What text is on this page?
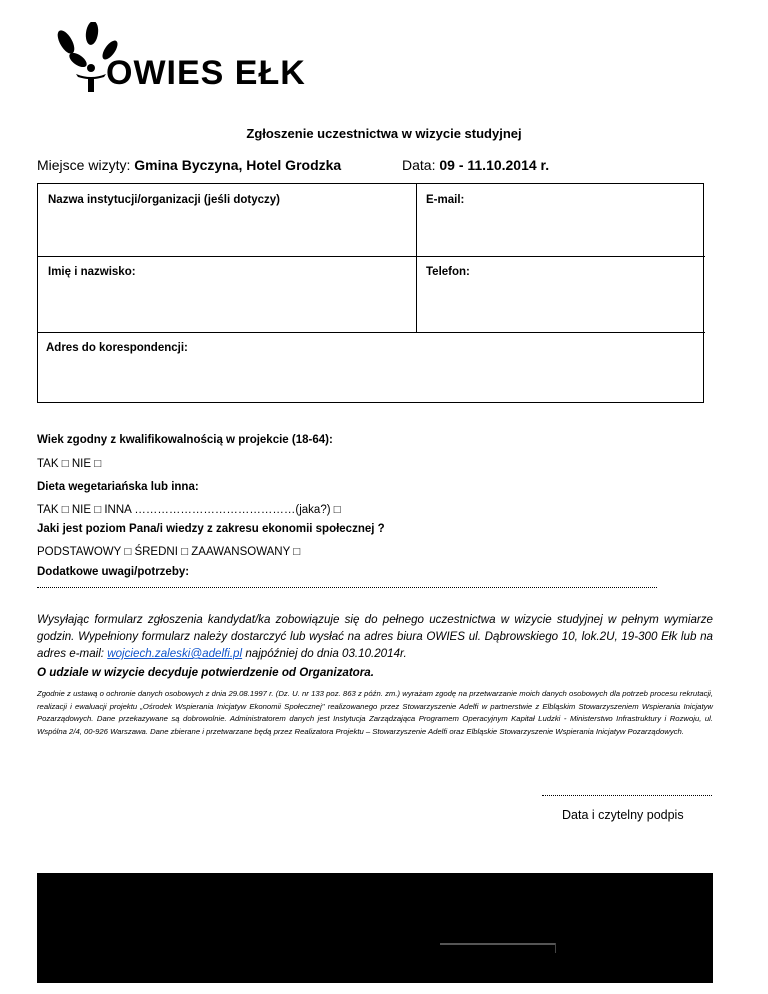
OWIES EŁK
Zgłoszenie uczestnictwa w wizycie studyjnej
Miejsce wizyty: Gmina Byczyna, Hotel Grodzka	Data: 09 - 11.10.2014 r.
Nazwa instytucji/organizacji (jeśli dotyczy)	E-mail:
Imię i nazwisko:	Telefon:
Adres do korespondencji:
Wiek zgodny z kwalifikowalnością w projekcie (18-64):
TAK □ NIE □
Dieta wegetariańska lub inna:
TAK □ NIE □ INNA ……………………………………(jaka?) □
Jaki jest poziom Pana/i wiedzy z zakresu ekonomii społecznej ?
PODSTAWOWY □ ŚREDNI □ ZAAWANSOWANY □
Dodatkowe uwagi/potrzeby:
Wysyłając formularz zgłoszenia kandydat/ka zobowiązuje się do pełnego uczestnictwa w wizycie studyjnej w pełnym wymiarze godzin. Wypełniony formularz należy dostarczyć lub wysłać na adres biura OWIES ul. Dąbrowskiego 10, lok.2U, 19-300 Ełk lub na adres e-mail: wojciech.zaleski@adelfi.pl najpóźniej do dnia 03.10.2014r.
O udziale w wizycie decyduje potwierdzenie od Organizatora.
Zgodnie z ustawą o ochronie danych osobowych z dnia 29.08.1997 r. (Dz. U. nr 133 poz. 863 z późn. zm.) wyrażam zgodę na przetwarzanie moich danych osobowych dla potrzeb procesu rekrutacji, realizacji i ewaluacji projektu „Ośrodek Wspierania Inicjatyw Ekonomii Społecznej" realizowanego przez Stowarzyszenie Adelfi w partnerstwie z Elbląskim Stowarzyszeniem Wspierania Inicjatyw Pozarządowych. Dane przekazywane są dobrowolnie. Administratorem danych jest Instytucja Zarządzająca Programem Operacyjnym Kapitał Ludzki - Ministerstwo Infrastruktury i Rozwoju, ul. Wspólna 2/4, 00-926 Warszawa. Dane zbierane i przetwarzane będą przez Realizatora Projektu – Stowarzyszenie Adelfi oraz Elbląskie Stowarzyszenie Wspierania Inicjatyw Pozarządowych.
Data i czytelny podpis
